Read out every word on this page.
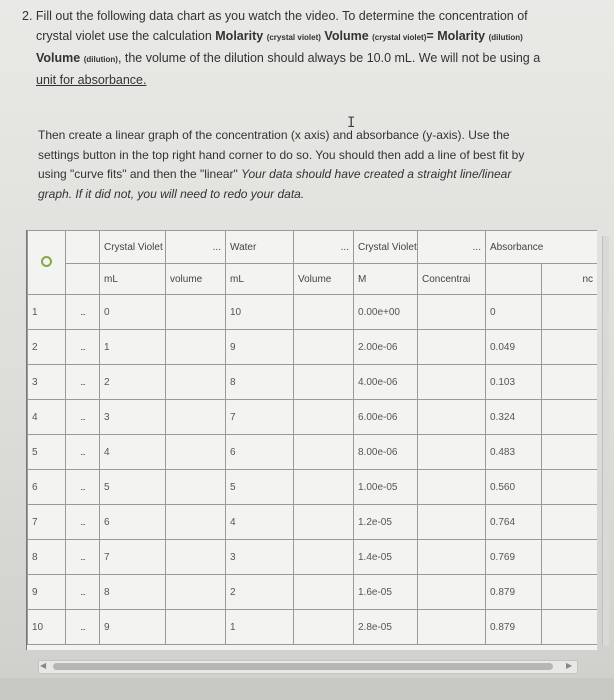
2. Fill out the following data chart as you watch the video. To determine the concentration of
crystal violet use the calculation Molarity (crystal violet) Volume (crystal violet)= Molarity (dilution)
Volume (dilution), the volume of the dilution should always be 10.0 mL. We will not be using a
unit for absorbance.
I
Then create a linear graph of the concentration (x axis) and absorbance (y-axis). Use the
settings button in the top right hand corner to do so. You should then add a line of best fit by
using "curve fits" and then the "linear" Your data should have created a straight line/linear
graph. If it did not, you will need to redo your data.
		Crystal Violet	...	Water	...	Crystal Violet	...	Absorbance	
		mL	volume	mL	Volume	M	Concentrai		nc
1	...	0		10		0.00e+00		0	
2	...	1		9		2.00e-06		0.049	
3	...	2		8		4.00e-06		0.103	
4	...	3		7		6.00e-06		0.324	
5	...	4		6		8.00e-06		0.483	
6	...	5		5		1.00e-05		0.560	
7	...	6		4		1.2e-05		0.764	
8	...	7		3		1.4e-05		0.769	
9	...	8		2		1.6e-05		0.879	
10	...	9		1		2.8e-05		0.879	
◀	▶
